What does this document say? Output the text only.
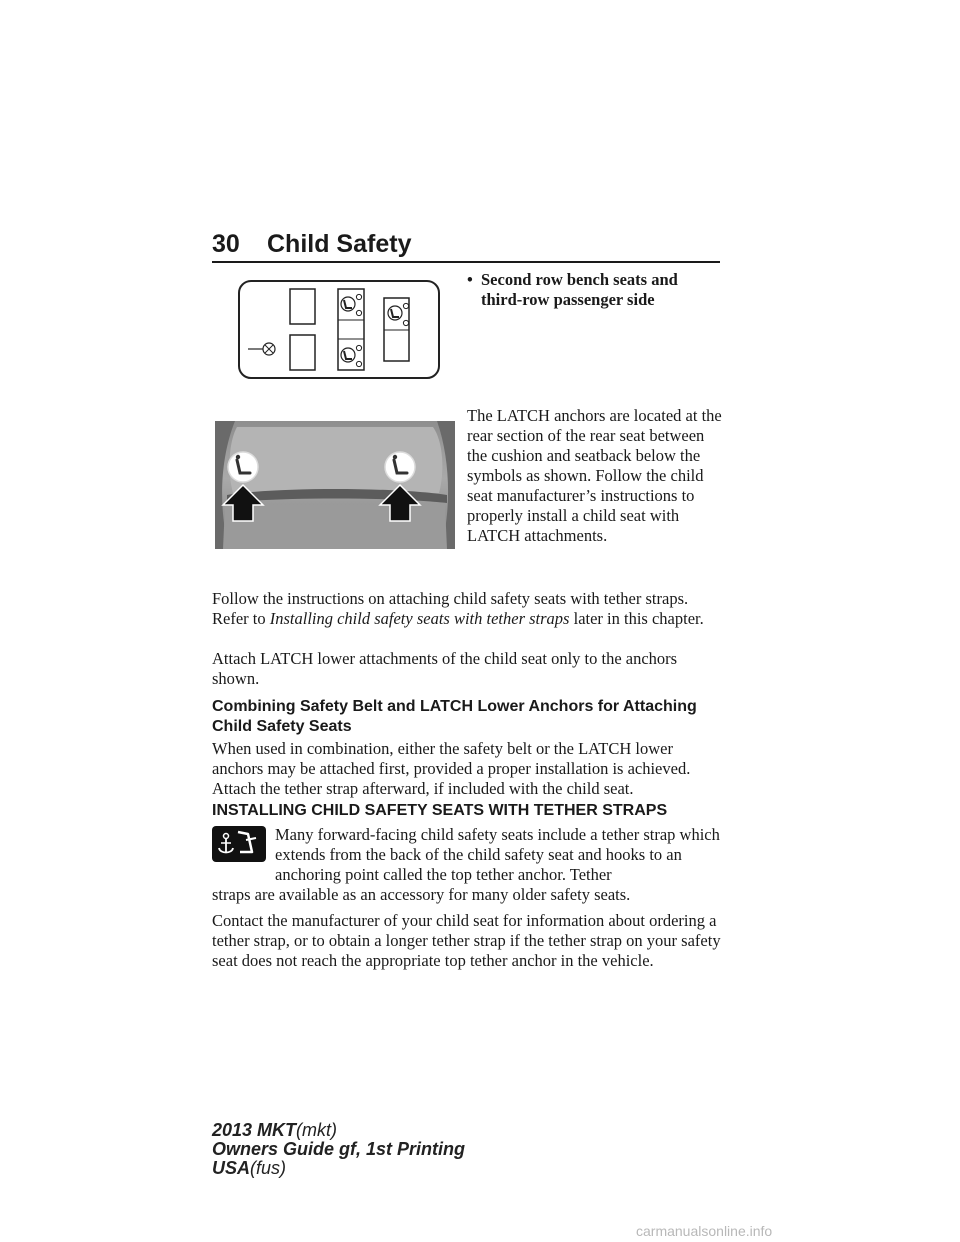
30 Child Safety
• Second row bench seats and
third-row passenger side
The LATCH anchors are located at the rear section of the rear seat between the cushion and seatback below the symbols as shown. Follow the child seat manufacturer’s instructions to properly install a child seat with LATCH attachments.
Follow the instructions on attaching child safety seats with tether straps. Refer to Installing child safety seats with tether straps later in this chapter.
Attach LATCH lower attachments of the child seat only to the anchors shown.
Combining Safety Belt and LATCH Lower Anchors for Attaching Child Safety Seats
When used in combination, either the safety belt or the LATCH lower anchors may be attached first, provided a proper installation is achieved. Attach the tether strap afterward, if included with the child seat.
INSTALLING CHILD SAFETY SEATS WITH TETHER STRAPS
Many forward-facing child safety seats include a tether strap which extends from the back of the child safety seat and hooks to an anchoring point called the top tether anchor. Tether
straps are available as an accessory for many older safety seats.
Contact the manufacturer of your child seat for information about ordering a tether strap, or to obtain a longer tether strap if the tether strap on your safety seat does not reach the appropriate top tether anchor in the vehicle.
2013 MKT(mkt)
Owners Guide gf, 1st Printing
USA(fus)
carmanualsonline.info
